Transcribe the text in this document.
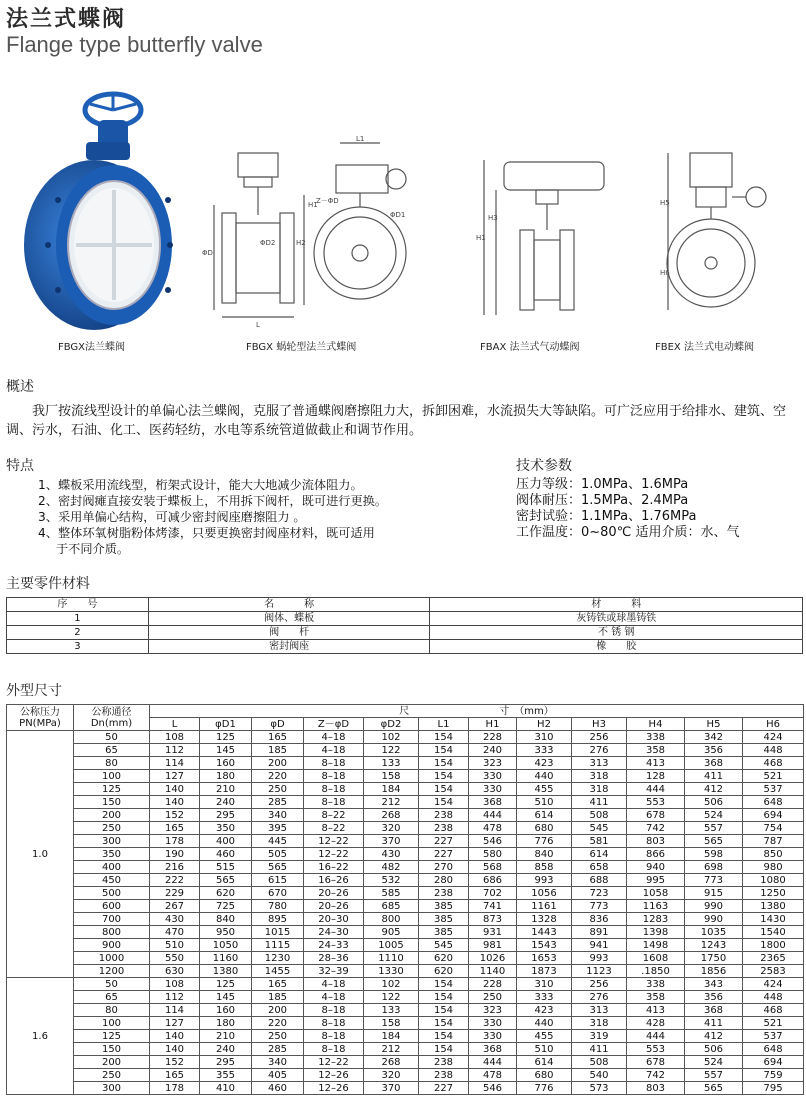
法兰式蝶阀
Flange type butterfly valve
FBGX法兰蝶阀
ΦD
ΦD2	H2
L
H1
L1
Z－ΦD
ΦD1
FBGX 蜗轮型法兰式蝶阀
H1
H3
FBAX 法兰式气动蝶阀
H5
H6
FBEX 法兰式电动蝶阀
概述
我厂按流线型设计的单偏心法兰蝶阀，克服了普通蝶阀磨擦阻力大，拆卸困难，水流损失大等缺陷。可广泛应用于给排水、建筑、空调、污水，石油、化工、医药轻纺，水电等系统管道做截止和调节作用。
特点
1、蝶板采用流线型，桁架式设计，能大大地减少流体阻力。
2、密封阀瘫直接安装于蝶板上，不用拆下阀杆，既可进行更换。
3、采用单偏心结构，可减少密封阀座磨擦阻力 。
4、整体环氧树脂粉体烤漆，只要更换密封阀座材料，既可适用
于不同介质。
技术参数
压力等级：1.0MPa、1.6MPa
阀体耐压：1.5MPa、2.4MPa
密封试验：1.1MPa、1.76MPa
工作温度：0~80℃ 适用介质：水、气
主要零件材料
序　　号	名　　　称	材　　　料
1	阀体、蝶板	灰铸铁或球墨铸铁
2	阀　　杆	不 锈 钢
3	密封阀座	橡　　胶
外型尺寸
公称压力 PN(MPa)	公称通径 Dn(mm)	尺　　　　　　　　　寸　（mm）											
		L	φD1	φD	Z－φD	φD2	L1	H1	H2	H3	H4	H5	H6
1.0	50	108	125	165	4–18	102	154	228	310	256	338	342	424
	65	112	145	185	4–18	122	154	240	333	276	358	356	448
	80	114	160	200	8–18	133	154	323	423	313	413	368	468
	100	127	180	220	8–18	158	154	330	440	318	128	411	521
	125	140	210	250	8–18	184	154	330	455	318	444	412	537
	150	140	240	285	8–18	212	154	368	510	411	553	506	648
	200	152	295	340	8–22	268	238	444	614	508	678	524	694
	250	165	350	395	8–22	320	238	478	680	545	742	557	754
	300	178	400	445	12–22	370	227	546	776	581	803	565	787
	350	190	460	505	12–22	430	227	580	840	614	866	598	850
	400	216	515	565	16–22	482	270	568	858	658	940	698	980
	450	222	565	615	16–26	532	280	686	993	688	995	773	1080
	500	229	620	670	20–26	585	238	702	1056	723	1058	915	1250
	600	267	725	780	20–26	685	385	741	1161	773	1163	990	1380
	700	430	840	895	20–30	800	385	873	1328	836	1283	990	1430
	800	470	950	1015	24–30	905	385	931	1443	891	1398	1035	1540
	900	510	1050	1115	24–33	1005	545	981	1543	941	1498	1243	1800
	1000	550	1160	1230	28–36	1110	620	1026	1653	993	1608	1750	2365
	1200	630	1380	1455	32–39	1330	620	1140	1873	1123	.1850	1856	2583
1.6	50	108	125	165	4–18	102	154	228	310	256	338	343	424
	65	112	145	185	4–18	122	154	250	333	276	358	356	448
	80	114	160	200	8–18	133	154	323	423	313	413	368	468
	100	127	180	220	8–18	158	154	330	440	318	428	411	521
	125	140	210	250	8–18	184	154	330	455	319	444	412	537
	150	140	240	285	8–18	212	154	368	510	411	553	506	648
	200	152	295	340	12–22	268	238	444	614	508	678	524	694
	250	165	355	405	12–26	320	238	478	680	540	742	557	759
	300	178	410	460	12–26	370	227	546	776	573	803	565	795
